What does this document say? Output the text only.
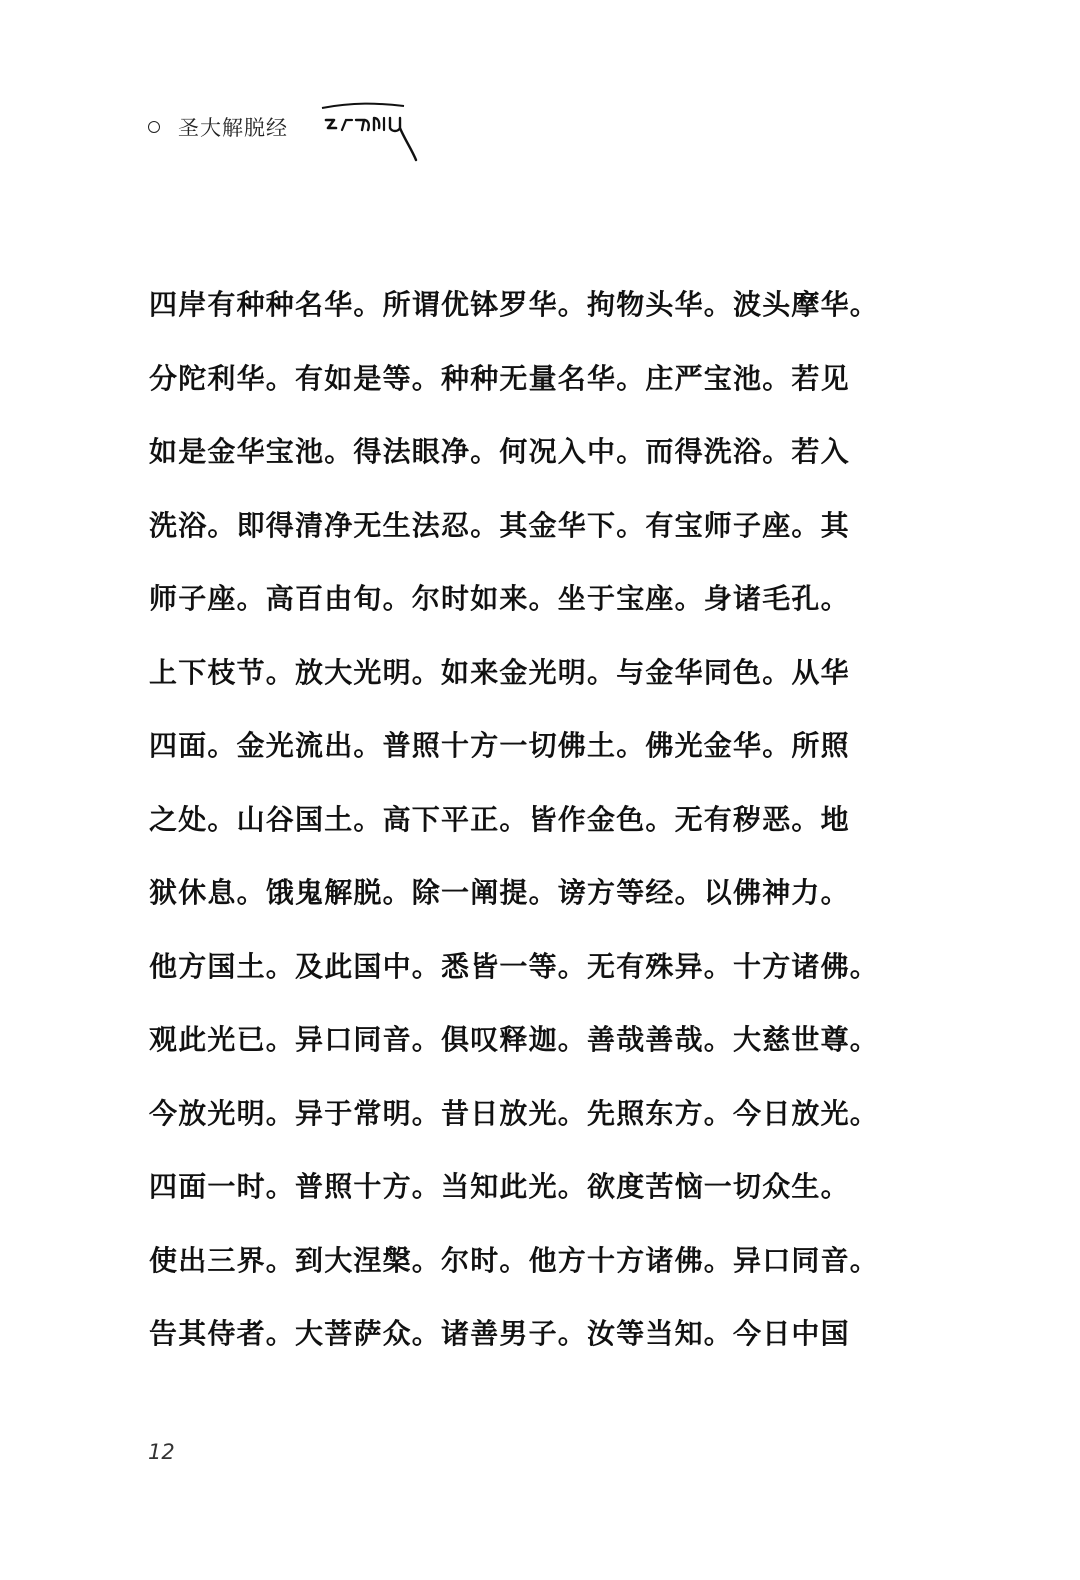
圣大解脱经
四岸有种种名华。所谓优钵罗华。拘物头华。波头摩华。
分陀利华。有如是等。种种无量名华。庄严宝池。若见
如是金华宝池。得法眼净。何况入中。而得洗浴。若入
洗浴。即得清净无生法忍。其金华下。有宝师子座。其
师子座。高百由旬。尔时如来。坐于宝座。身诸毛孔。
上下枝节。放大光明。如来金光明。与金华同色。从华
四面。金光流出。普照十方一切佛土。佛光金华。所照
之处。山谷国土。高下平正。皆作金色。无有秽恶。地
狱休息。饿鬼解脱。除一阐提。谤方等经。以佛神力。
他方国土。及此国中。悉皆一等。无有殊异。十方诸佛。
观此光已。异口同音。俱叹释迦。善哉善哉。大慈世尊。
今放光明。异于常明。昔日放光。先照东方。今日放光。
四面一时。普照十方。当知此光。欲度苦恼一切众生。
使出三界。到大涅槃。尔时。他方十方诸佛。异口同音。
告其侍者。大菩萨众。诸善男子。汝等当知。今日中国
12
